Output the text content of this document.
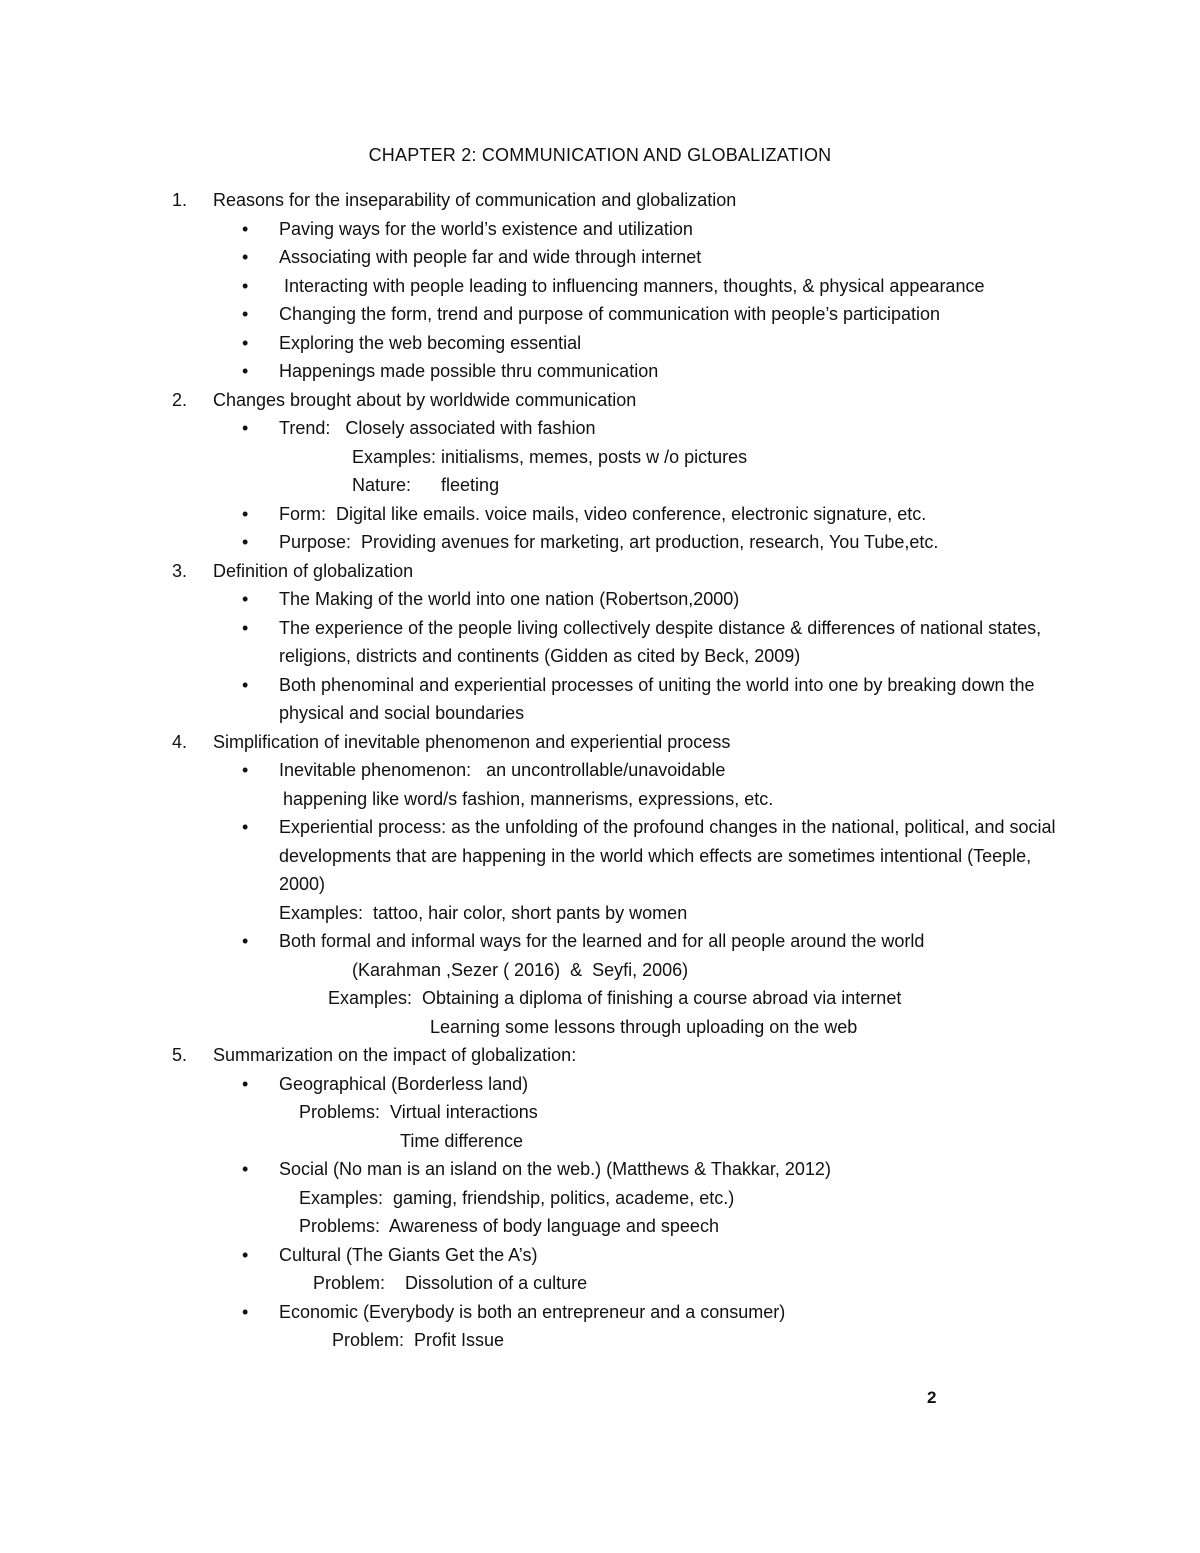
CHAPTER 2: COMMUNICATION AND GLOBALIZATION
1. Reasons for the inseparability of communication and globalization
• Paving ways for the world’s existence and utilization
• Associating with people far and wide through internet
•  Interacting with people leading to influencing manners, thoughts, & physical appearance
• Changing the form, trend and purpose of communication with people’s participation
• Exploring the web becoming essential
• Happenings made possible thru communication
2. Changes brought about by worldwide communication
• Trend:   Closely associated with fashion
Examples: initialisms, memes, posts w /o pictures
Nature:      fleeting
• Form:  Digital like emails. voice mails, video conference, electronic signature, etc.
• Purpose:  Providing avenues for marketing, art production, research, You Tube,etc.
3. Definition of globalization
• The Making of the world into one nation (Robertson,2000)
• The experience of the people living collectively despite distance & differences of national states, religions, districts and continents (Gidden as cited by Beck, 2009)
• Both phenominal and experiential processes of uniting the world into one by breaking down the physical and social boundaries
4. Simplification of inevitable phenomenon and experiential process
• Inevitable phenomenon:   an uncontrollable/unavoidable
happening like word/s fashion, mannerisms, expressions, etc.
• Experiential process: as the unfolding of the profound changes in the national, political, and social developments that are happening in the world which effects are sometimes intentional (Teeple, 2000)
Examples:  tattoo, hair color, short pants by women
• Both formal and informal ways for the learned and for all people around the world
(Karahman ,Sezer ( 2016)  &  Seyfi, 2006)
Examples:  Obtaining a diploma of finishing a course abroad via internet
Learning some lessons through uploading on the web
5. Summarization on the impact of globalization:
• Geographical (Borderless land)
Problems:  Virtual interactions
Time difference
• Social (No man is an island on the web.) (Matthews & Thakkar, 2012)
Examples:  gaming, friendship, politics, academe, etc.)
Problems:  Awareness of body language and speech
• Cultural (The Giants Get the A’s)
Problem:    Dissolution of a culture
• Economic (Everybody is both an entrepreneur and a consumer)
Problem:  Profit Issue
2
